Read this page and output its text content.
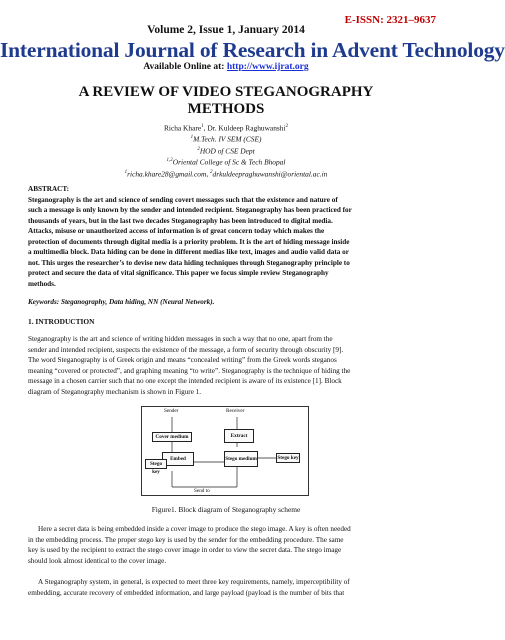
E-ISSN: 2321–9637
Volume 2, Issue 1, January 2014
International Journal of Research in Advent Technology
Available Online at: http://www.ijrat.org
A REVIEW OF VIDEO STEGANOGRAPHY
METHODS
Richa Khare$^1$, Dr. Kuldeep Raghuwanshi$^2$
$^1$M.Tech. IV SEM (CSE)
$^2$HOD of CSE Dept
$^{1,2}$Oriental College of Sc & Tech Bhopal
$^1$richa.khare28@gmail.com, $^2$drkuldeepraghuwanshi@oriental.ac.in
ABSTRACT:
Steganography is the art and science of sending covert messages such that the existence and nature of
such a message is only known by the sender and intended recipient. Steganography has been practiced for
thousands of years, but in the last two decades Steganography has been introduced to digital media.
Attacks, misuse or unauthorized access of information is of great concern today which makes the
protection of documents through digital media is a priority problem. It is the art of hiding message inside
a multimedia block. Data hiding can be done in different medias like text, images and audio valid data or
not. This urges the researcher’s to devise new data hiding techniques through Steganography principle to
protect and secure the data of vital significance. This paper we focus simple review Steganography
methods.
Keywords: Steganography, Data hiding, NN (Neural Network).
1. INTRODUCTION
Steganography is the art and science of writing hidden messages in such a way that no one, apart from the
sender and intended recipient, suspects the existence of the message, a form of security through obscurity [9].
The word Steganography is of Greek origin and means “concealed writing” from the Greek words steganos
meaning “covered or protected”, and graphing meaning “to write”. Steganography is the technique of hiding the
message in a chosen carrier such that no one except the intended recipient is aware of its existence [1]. Block
diagram of Steganography mechanism is shown in Figure 1.
Sender	Receiver
Cover medium	Extract
Embed	Stego medium
Stego key
Stego key
Send to
Figure1. Block diagram of Steganography scheme
Here a secret data is being embedded inside a cover image to produce the stego image. A key is often needed
in the embedding process. The proper stego key is used by the sender for the embedding procedure. The same
key is used by the recipient to extract the stego cover image in order to view the secret data. The stego image
should look almost identical to the cover image.
A Steganography system, in general, is expected to meet three key requirements, namely, imperceptibility of
embedding, accurate recovery of embedded information, and large payload (payload is the number of bits that
